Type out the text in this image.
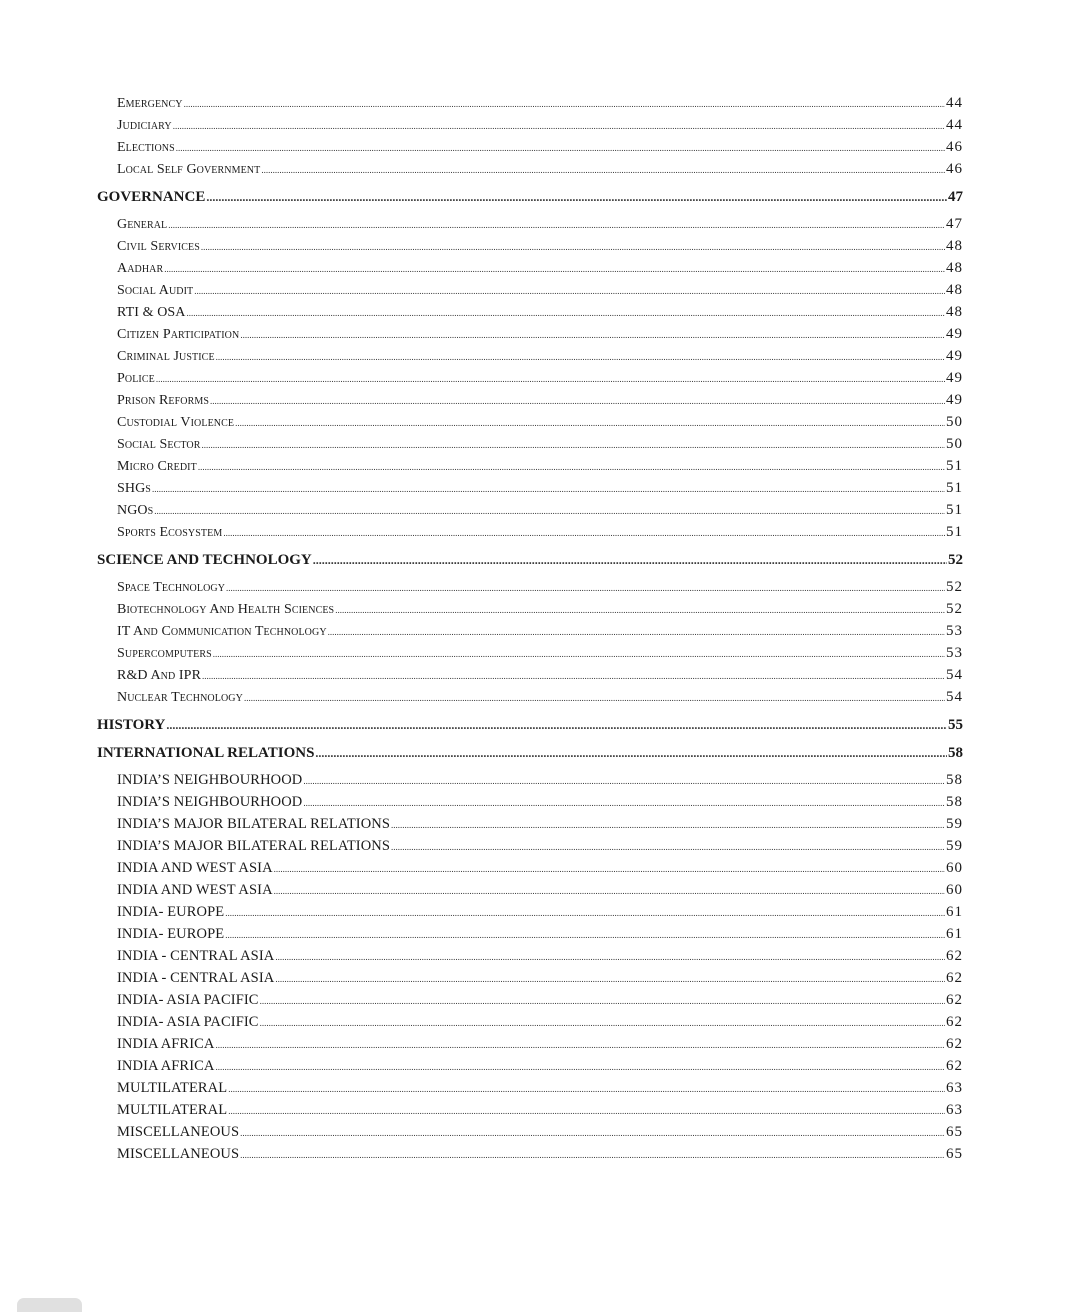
Emergency .....	44
Judiciary .....	44
Elections .....	46
Local Self Government .....	46
GOVERNANCE .....	47
General .....	47
Civil Services .....	48
Aadhar .....	48
Social Audit .....	48
RTI & OSA .....	48
Citizen Participation .....	49
Criminal Justice .....	49
Police .....	49
Prison Reforms .....	49
Custodial Violence .....	50
Social Sector .....	50
Micro Credit .....	51
SHGs .....	51
NGOs .....	51
Sports Ecosystem .....	51
SCIENCE AND TECHNOLOGY .....	52
Space Technology .....	52
Biotechnology And Health Sciences .....	52
IT And Communication Technology .....	53
Supercomputers .....	53
R&D And IPR .....	54
Nuclear Technology .....	54
HISTORY .....	55
INTERNATIONAL RELATIONS .....	58
INDIA’S NEIGHBOURHOOD .....	58
INDIA’S NEIGHBOURHOOD .....	58
INDIA’S MAJOR BILATERAL RELATIONS .....	59
INDIA’S MAJOR BILATERAL RELATIONS .....	59
INDIA AND WEST ASIA .....	60
INDIA AND WEST ASIA .....	60
INDIA- EUROPE .....	61
INDIA- EUROPE .....	61
INDIA - CENTRAL ASIA .....	62
INDIA - CENTRAL ASIA .....	62
INDIA- ASIA PACIFIC .....	62
INDIA- ASIA PACIFIC .....	62
INDIA AFRICA .....	62
INDIA AFRICA .....	62
MULTILATERAL .....	63
MULTILATERAL .....	63
MISCELLANEOUS .....	65
MISCELLANEOUS .....	65
